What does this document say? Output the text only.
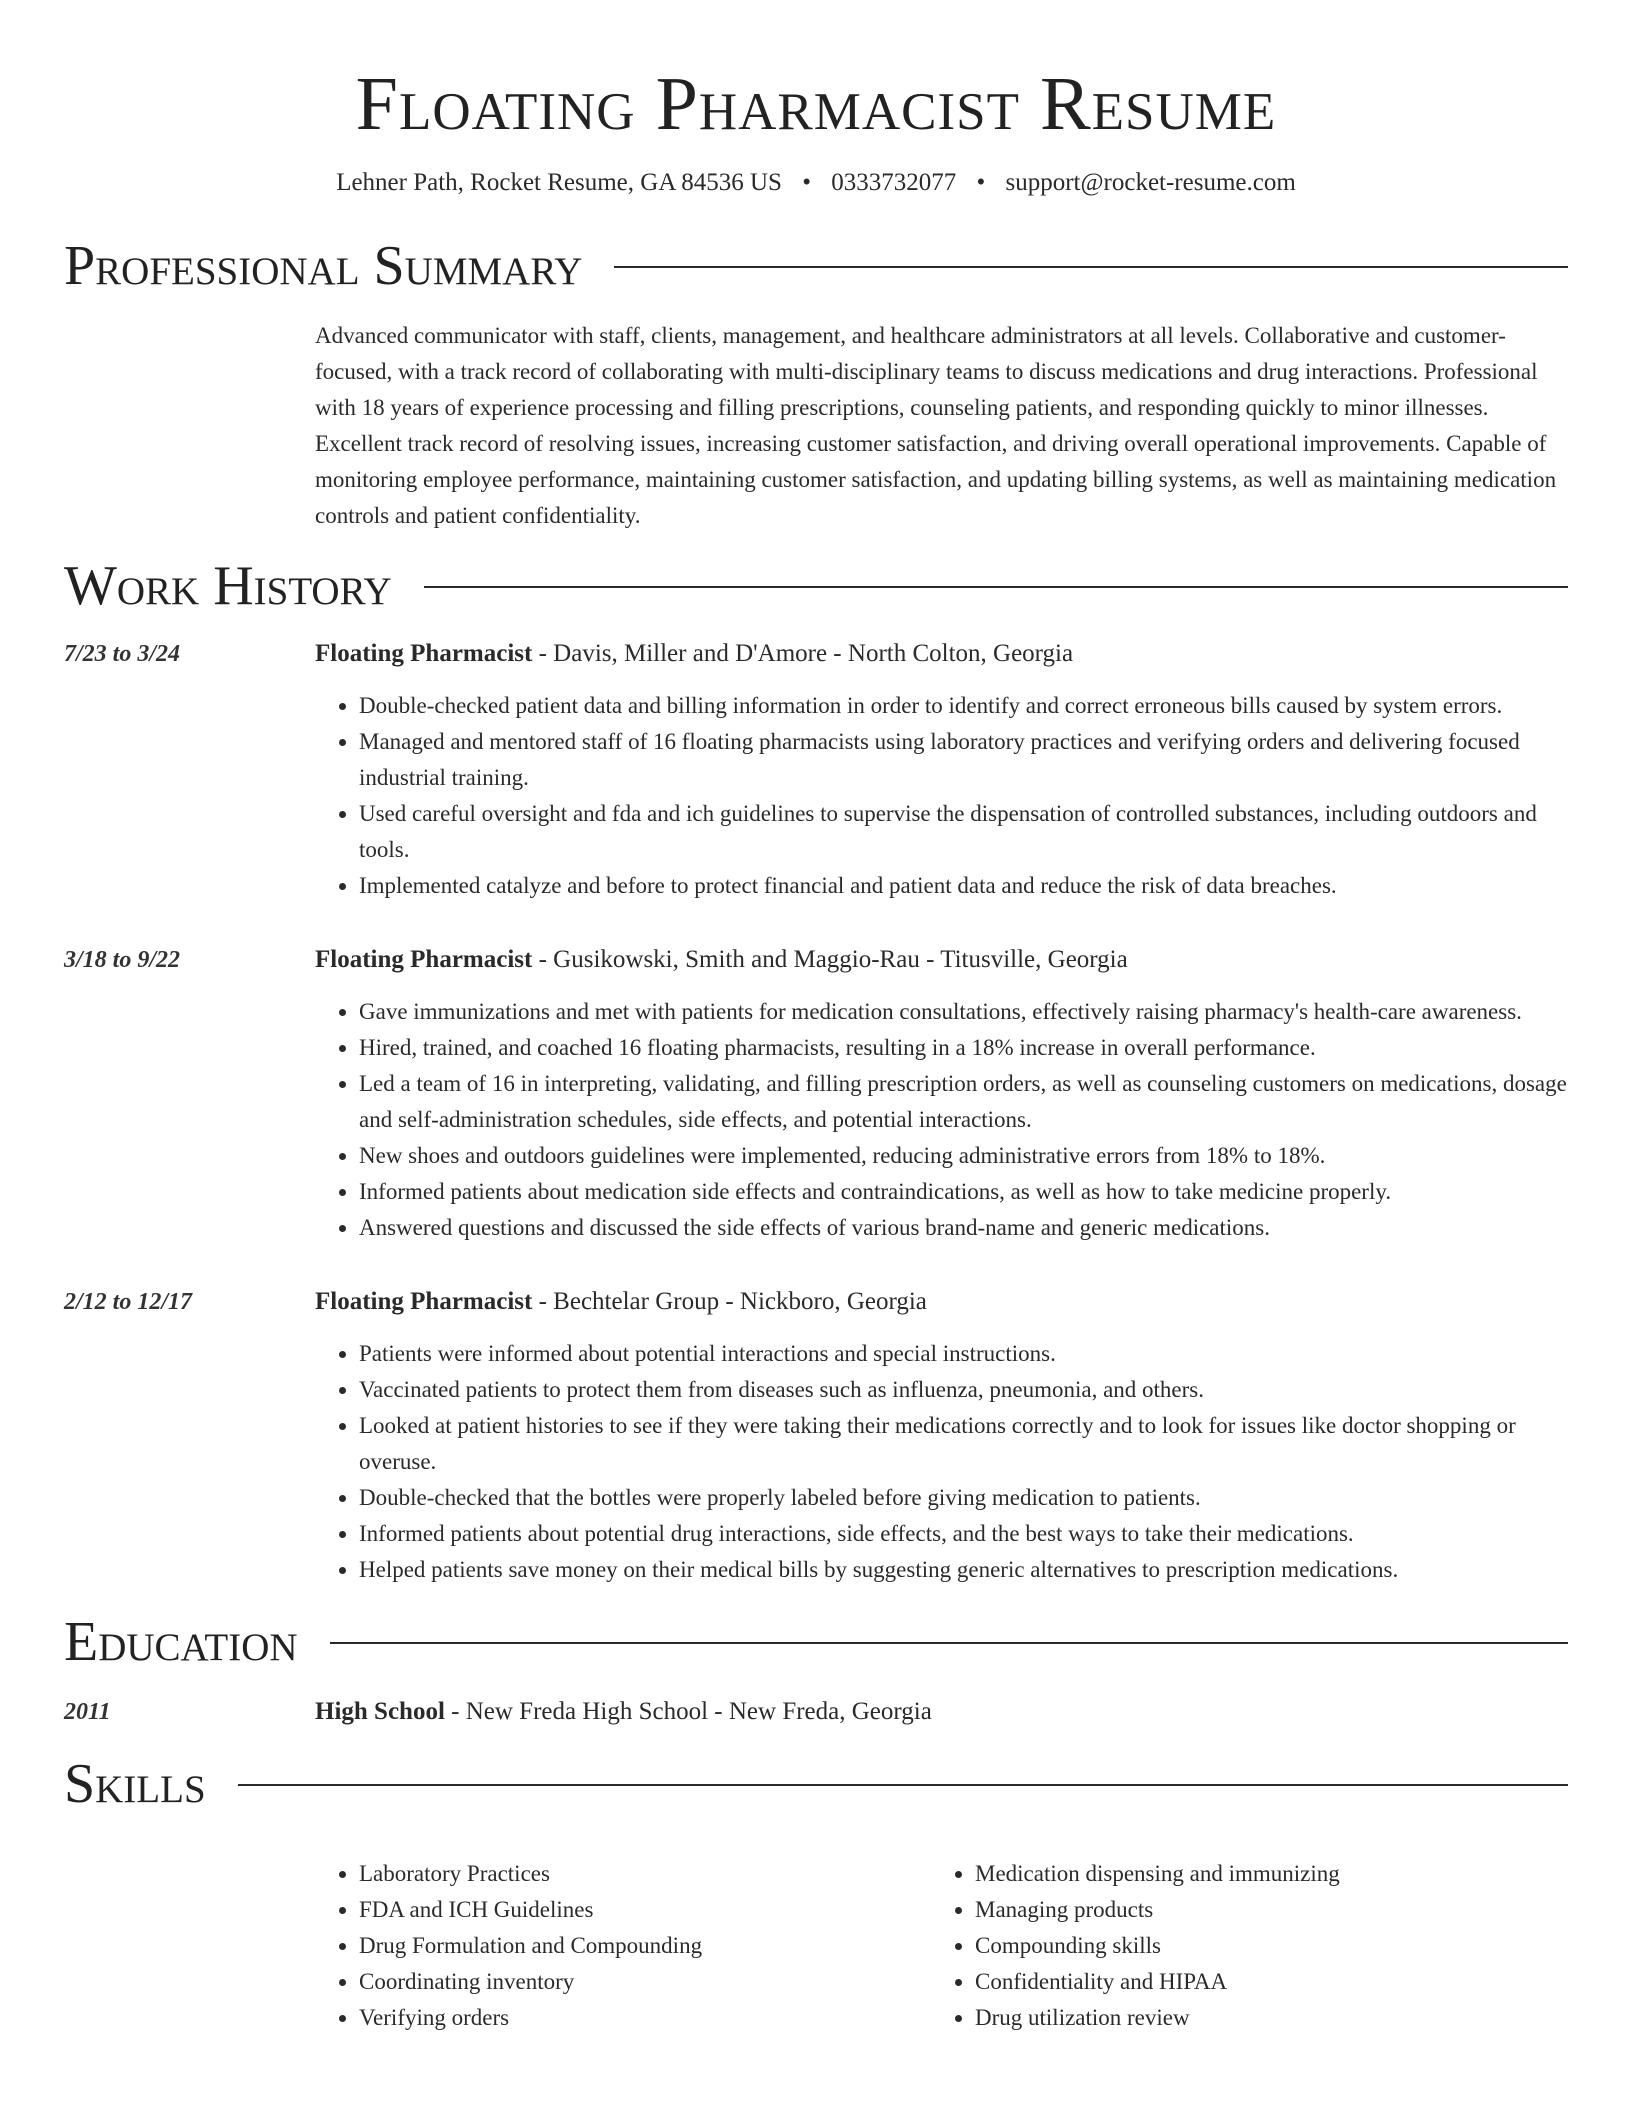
Floating Pharmacist Resume
Lehner Path, Rocket Resume, GA 84536 US • 0333732077 • support@rocket-resume.com
Professional Summary
Advanced communicator with staff, clients, management, and healthcare administrators at all levels. Collaborative and customer-focused, with a track record of collaborating with multi-disciplinary teams to discuss medications and drug interactions. Professional with 18 years of experience processing and filling prescriptions, counseling patients, and responding quickly to minor illnesses. Excellent track record of resolving issues, increasing customer satisfaction, and driving overall operational improvements. Capable of monitoring employee performance, maintaining customer satisfaction, and updating billing systems, as well as maintaining medication controls and patient confidentiality.
Work History
7/23 to 3/24	Floating Pharmacist - Davis, Miller and D'Amore - North Colton, Georgia
• Double-checked patient data and billing information in order to identify and correct erroneous bills caused by system errors.
• Managed and mentored staff of 16 floating pharmacists using laboratory practices and verifying orders and delivering focused industrial training.
• Used careful oversight and fda and ich guidelines to supervise the dispensation of controlled substances, including outdoors and tools.
• Implemented catalyze and before to protect financial and patient data and reduce the risk of data breaches.
3/18 to 9/22	Floating Pharmacist - Gusikowski, Smith and Maggio-Rau - Titusville, Georgia
• Gave immunizations and met with patients for medication consultations, effectively raising pharmacy's health-care awareness.
• Hired, trained, and coached 16 floating pharmacists, resulting in a 18% increase in overall performance.
• Led a team of 16 in interpreting, validating, and filling prescription orders, as well as counseling customers on medications, dosage and self-administration schedules, side effects, and potential interactions.
• New shoes and outdoors guidelines were implemented, reducing administrative errors from 18% to 18%.
• Informed patients about medication side effects and contraindications, as well as how to take medicine properly.
• Answered questions and discussed the side effects of various brand-name and generic medications.
2/12 to 12/17	Floating Pharmacist - Bechtelar Group - Nickboro, Georgia
• Patients were informed about potential interactions and special instructions.
• Vaccinated patients to protect them from diseases such as influenza, pneumonia, and others.
• Looked at patient histories to see if they were taking their medications correctly and to look for issues like doctor shopping or overuse.
• Double-checked that the bottles were properly labeled before giving medication to patients.
• Informed patients about potential drug interactions, side effects, and the best ways to take their medications.
• Helped patients save money on their medical bills by suggesting generic alternatives to prescription medications.
Education
2011	High School - New Freda High School - New Freda, Georgia
Skills
• Laboratory Practices
• FDA and ICH Guidelines
• Drug Formulation and Compounding
• Coordinating inventory
• Verifying orders
• Medication dispensing and immunizing
• Managing products
• Compounding skills
• Confidentiality and HIPAA
• Drug utilization review
